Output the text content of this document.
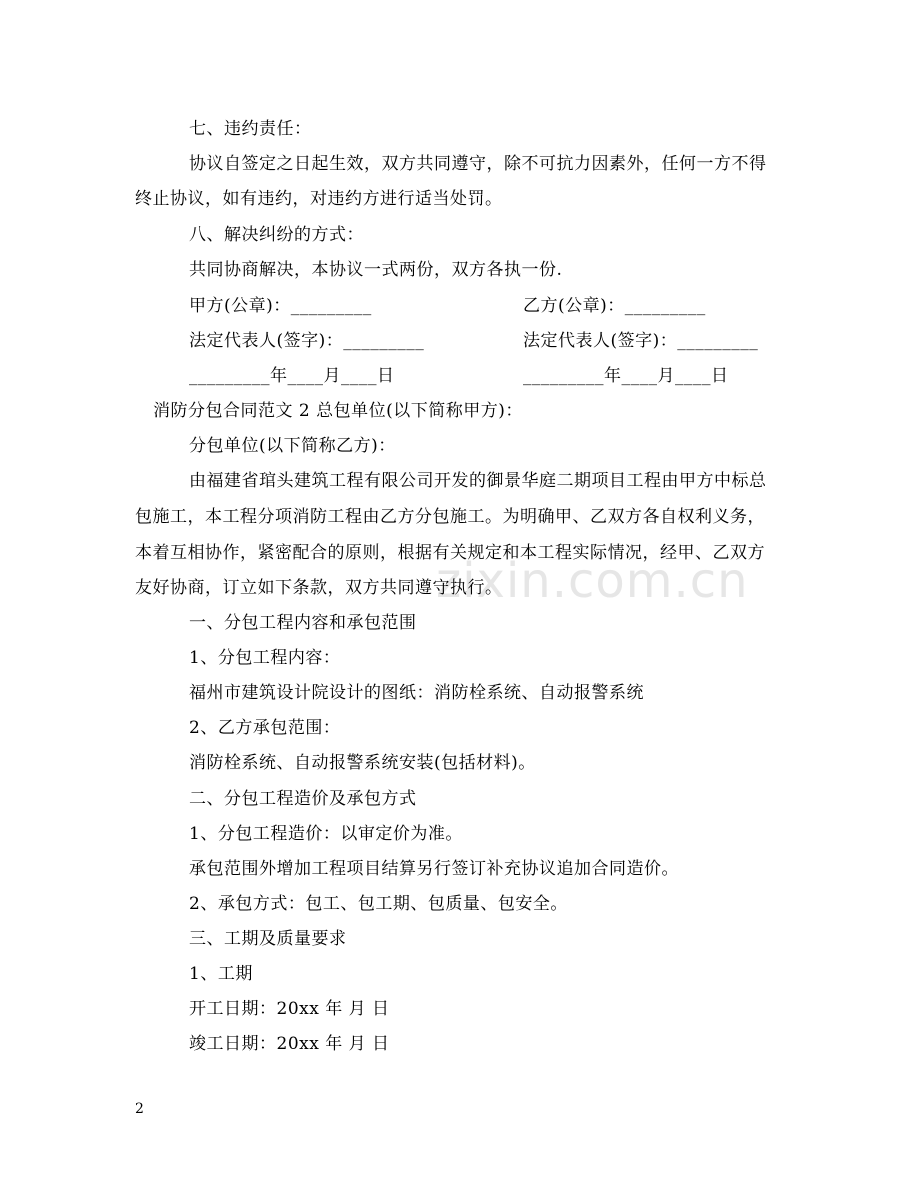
zixin.com.cn
七、违约责任：
协议自签定之日起生效，双方共同遵守，除不可抗力因素外，任何一方不得
终止协议，如有违约，对违约方进行适当处罚。
八、解决纠纷的方式：
共同协商解决，本协议一式两份，双方各执一份.
甲方(公章)：_________	乙方(公章)：_________
法定代表人(签字)：_________	法定代表人(签字)：_________
_________年____月____日	_________年____月____日
消防分包合同范文 2 总包单位(以下简称甲方)：
分包单位(以下简称乙方)：
由福建省琯头建筑工程有限公司开发的御景华庭二期项目工程由甲方中标总
包施工，本工程分项消防工程由乙方分包施工。为明确甲、乙双方各自权利义务，
本着互相协作，紧密配合的原则，根据有关规定和本工程实际情况，经甲、乙双方
友好协商，订立如下条款，双方共同遵守执行。
一、分包工程内容和承包范围
1、分包工程内容：
福州市建筑设计院设计的图纸：消防栓系统、自动报警系统
2、乙方承包范围：
消防栓系统、自动报警系统安装(包括材料)。
二、分包工程造价及承包方式
1、分包工程造价：以审定价为准。
承包范围外增加工程项目结算另行签订补充协议追加合同造价。
2、承包方式：包工、包工期、包质量、包安全。
三、工期及质量要求
1、工期
开工日期：20xx 年 月 日
竣工日期：20xx 年 月 日
2
